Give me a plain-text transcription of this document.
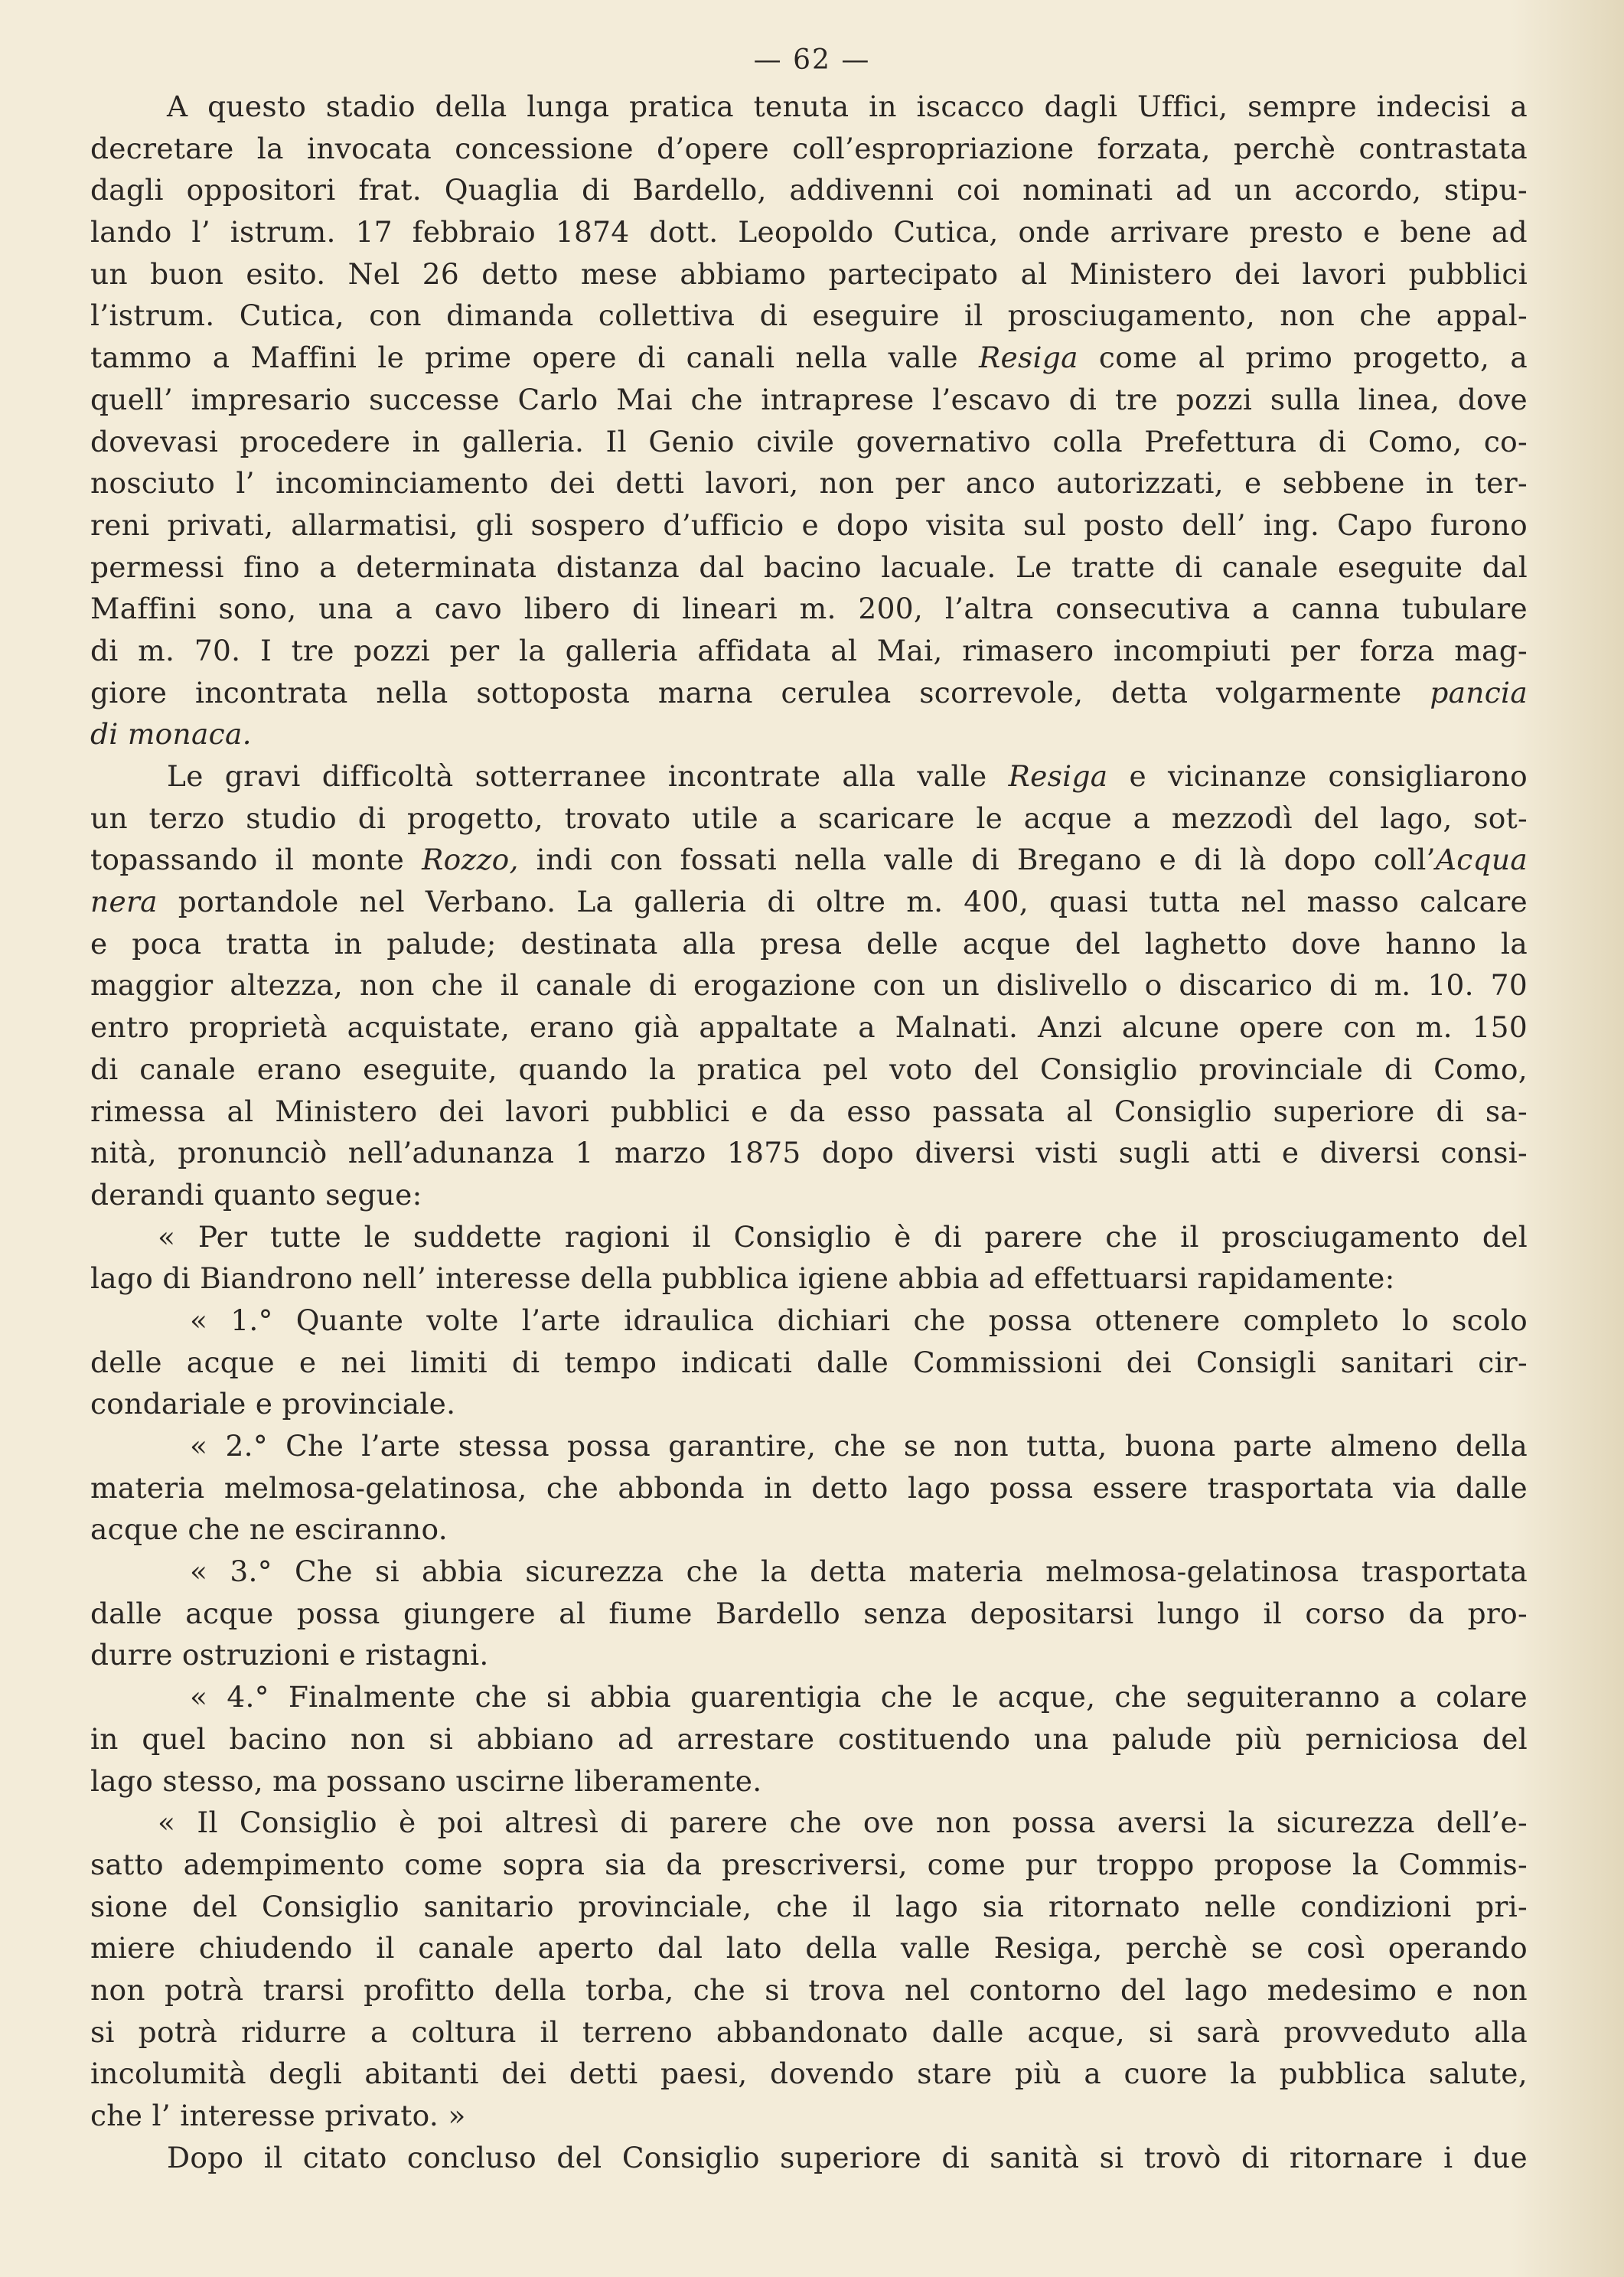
— 62 —
A questo stadio della lunga pratica tenuta in iscacco dagli Uffici, sempre indecisi a
decretare la invocata concessione d’opere coll’espropriazione forzata, perchè contrastata
dagli oppositori frat. Quaglia di Bardello, addivenni coi nominati ad un accordo, stipu-
lando l’ istrum. 17 febbraio 1874 dott. Leopoldo Cutica, onde arrivare presto e bene ad
un buon esito. Nel 26 detto mese abbiamo partecipato al Ministero dei lavori pubblici
l’istrum. Cutica, con dimanda collettiva di eseguire il prosciugamento, non che appal-
tammo a Maffini le prime opere di canali nella valle Resiga come al primo progetto, a
quell’ impresario successe Carlo Mai che intraprese l’escavo di tre pozzi sulla linea, dove
dovevasi procedere in galleria. Il Genio civile governativo colla Prefettura di Como, co-
nosciuto l’ incominciamento dei detti lavori, non per anco autorizzati, e sebbene in ter-
reni privati, allarmatisi, gli sospero d’ufficio e dopo visita sul posto dell’ ing. Capo furono
permessi fino a determinata distanza dal bacino lacuale. Le tratte di canale eseguite dal
Maffini sono, una a cavo libero di lineari m. 200, l’altra consecutiva a canna tubulare
di m. 70. I tre pozzi per la galleria affidata al Mai, rimasero incompiuti per forza mag-
giore incontrata nella sottoposta marna cerulea scorrevole, detta volgarmente pancia
di monaca.
Le gravi difficoltà sotterranee incontrate alla valle Resiga e vicinanze consigliarono
un terzo studio di progetto, trovato utile a scaricare le acque a mezzodì del lago, sot-
topassando il monte Rozzo, indi con fossati nella valle di Bregano e di là dopo coll’Acqua
nera portandole nel Verbano. La galleria di oltre m. 400, quasi tutta nel masso calcare
e poca tratta in palude; destinata alla presa delle acque del laghetto dove hanno la
maggior altezza, non che il canale di erogazione con un dislivello o discarico di m. 10. 70
entro proprietà acquistate, erano già appaltate a Malnati. Anzi alcune opere con m. 150
di canale erano eseguite, quando la pratica pel voto del Consiglio provinciale di Como,
rimessa al Ministero dei lavori pubblici e da esso passata al Consiglio superiore di sa-
nità, pronunciò nell’adunanza 1 marzo 1875 dopo diversi visti sugli atti e diversi consi-
derandi quanto segue:
« Per tutte le suddette ragioni il Consiglio è di parere che il prosciugamento del
lago di Biandrono nell’ interesse della pubblica igiene abbia ad effettuarsi rapidamente:
« 1.° Quante volte l’arte idraulica dichiari che possa ottenere completo lo scolo
delle acque e nei limiti di tempo indicati dalle Commissioni dei Consigli sanitari cir-
condariale e provinciale.
« 2.° Che l’arte stessa possa garantire, che se non tutta, buona parte almeno della
materia melmosa-gelatinosa, che abbonda in detto lago possa essere trasportata via dalle
acque che ne esciranno.
« 3.° Che si abbia sicurezza che la detta materia melmosa-gelatinosa trasportata
dalle acque possa giungere al fiume Bardello senza depositarsi lungo il corso da pro-
durre ostruzioni e ristagni.
« 4.° Finalmente che si abbia guarentigia che le acque, che seguiteranno a colare
in quel bacino non si abbiano ad arrestare costituendo una palude più perniciosa del
lago stesso, ma possano uscirne liberamente.
« Il Consiglio è poi altresì di parere che ove non possa aversi la sicurezza dell’e-
satto adempimento come sopra sia da prescriversi, come pur troppo propose la Commis-
sione del Consiglio sanitario provinciale, che il lago sia ritornato nelle condizioni pri-
miere chiudendo il canale aperto dal lato della valle Resiga, perchè se così operando
non potrà trarsi profitto della torba, che si trova nel contorno del lago medesimo e non
si potrà ridurre a coltura il terreno abbandonato dalle acque, si sarà provveduto alla
incolumità degli abitanti dei detti paesi, dovendo stare più a cuore la pubblica salute,
che l’ interesse privato. »
Dopo il citato concluso del Consiglio superiore di sanità si trovò di ritornare i due
